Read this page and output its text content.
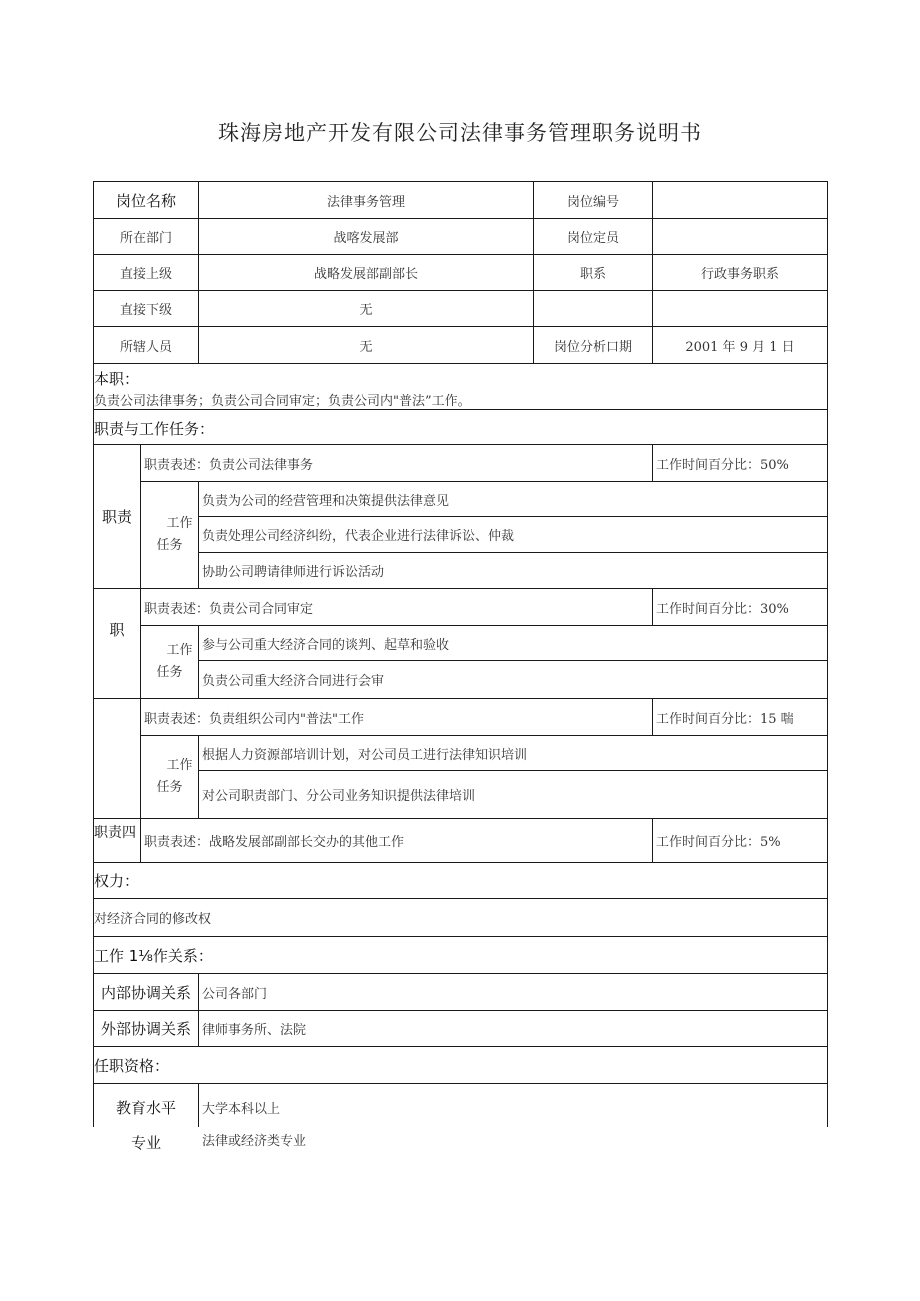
珠海房地产开发有限公司法律事务管理职务说明书
岗位名称	法律事务管理	岗位编号
所在部门	战喀发展部	岗位定员
直接上级	战略发展部副部长	职系	行政事务职系
直接下级	无
所辖人员	无	岗位分析口期	2001 年 9 月 1 日
本职：
负责公司法律事务；负责公司合同审定；负责公司内"普法”工作。
职责与工作任务：
职责
职责表述：负责公司法律事务	工作时间百分比：50%
工作
任务
负责为公司的经营管理和决策提供法律意见
负责处理公司经济纠纷，代表企业进行法律诉讼、仲裁
协助公司聘请律师进行诉讼活动
职
职责表述：负责公司合同审定	工作时间百分比：30%
工作
任务
参与公司重大经济合同的谈判、起草和验收
负责公司重大经济合同进行会审
职责表述：负责组织公司内"普法"工作	工作时间百分比：15 喘
工作
任务
根据人力资源部培训计划，对公司员工进行法律知识培训
对公司职责部门、分公司业务知识提供法律培训
职责四
职责表述：战略发展部副部长交办的其他工作	工作时间百分比：5%
权力：
对经济合同的修改权
工作 1⅛作关系：
内部协调关系 公司各部门
外部协调关系 律师事务所、法院
任职资格：
教育水平	大学本科以上
专业	法律或经济类专业
